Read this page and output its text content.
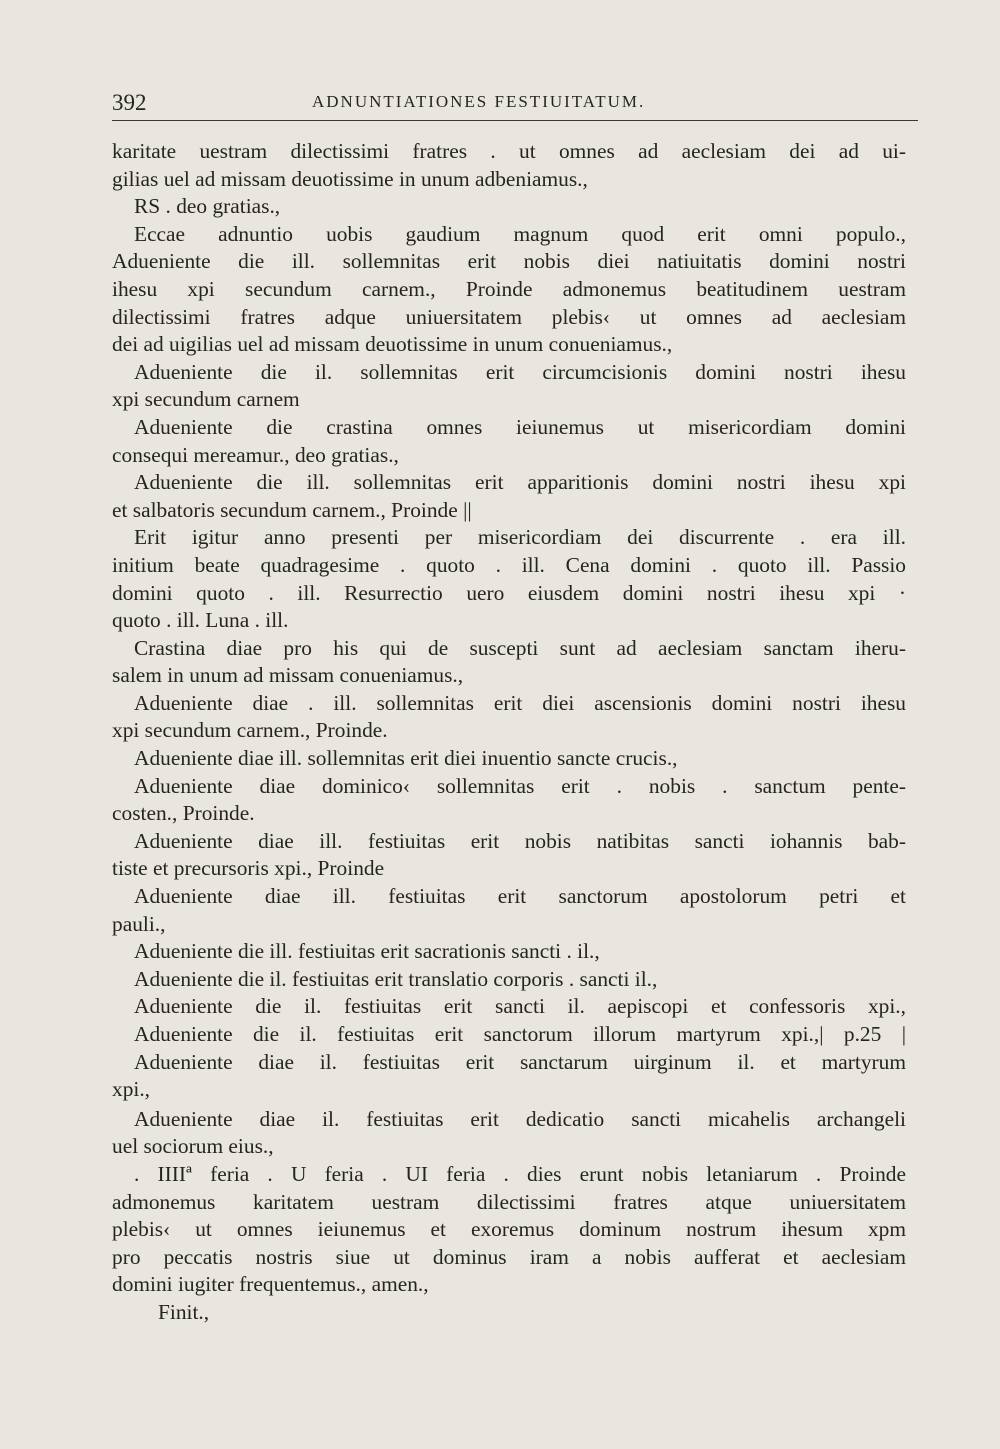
392	ADNUNTIATIONES FESTIUITATUM.
karitate uestram dilectissimi fratres . ut omnes ad aeclesiam dei ad ui-
gilias uel ad missam deuotissime in unum adbeniamus.,
RS . deo gratias.,
Eccae adnuntio uobis gaudium magnum quod erit omni populo.,
Adueniente die ill. sollemnitas erit nobis diei natiuitatis domini nostri
ihesu xpi secundum carnem., Proinde admonemus beatitudinem uestram
dilectissimi fratres adque uniuersitatem plebis‹ ut omnes ad aeclesiam
dei ad uigilias uel ad missam deuotissime in unum conueniamus.,
Adueniente die il. sollemnitas erit circumcisionis domini nostri ihesu
xpi secundum carnem
Adueniente die crastina omnes ieiunemus ut misericordiam domini
consequi mereamur., deo gratias.,
Adueniente die ill. sollemnitas erit apparitionis domini nostri ihesu xpi
et salbatoris secundum carnem., Proinde ||
Erit igitur anno presenti per misericordiam dei discurrente . era ill.
initium beate quadragesime . quoto . ill. Cena domini . quoto ill. Passio
domini quoto . ill. Resurrectio uero eiusdem domini nostri ihesu xpi ·
quoto . ill. Luna . ill.
Crastina diae pro his qui de suscepti sunt ad aeclesiam sanctam iheru-
salem in unum ad missam conueniamus.,
Adueniente diae . ill. sollemnitas erit diei ascensionis domini nostri ihesu
xpi secundum carnem., Proinde.
Adueniente diae ill. sollemnitas erit diei inuentio sancte crucis.,
Adueniente diae dominico‹ sollemnitas erit . nobis . sanctum pente-
costen., Proinde.
Adueniente diae ill. festiuitas erit nobis natibitas sancti iohannis bab-
tiste et precursoris xpi., Proinde
Adueniente diae ill. festiuitas erit sanctorum apostolorum petri et
pauli.,
Adueniente die ill. festiuitas erit sacrationis sancti . il.,
Adueniente die il. festiuitas erit translatio corporis . sancti il.,
Adueniente die il. festiuitas erit sancti il. aepiscopi et confessoris xpi.,
Adueniente die il. festiuitas erit sanctorum illorum martyrum xpi.,| p.25 |
Adueniente diae il. festiuitas erit sanctarum uirginum il. et martyrum
xpi.,
Adueniente diae il. festiuitas erit dedicatio sancti micahelis archangeli
uel sociorum eius.,
. IIIIª feria . U feria . UI feria . dies erunt nobis letaniarum . Proinde
admonemus karitatem uestram dilectissimi fratres atque uniuersitatem
plebis‹ ut omnes ieiunemus et exoremus dominum nostrum ihesum xpm
pro peccatis nostris siue ut dominus iram a nobis aufferat et aeclesiam
domini iugiter frequentemus., amen.,
Finit.,
